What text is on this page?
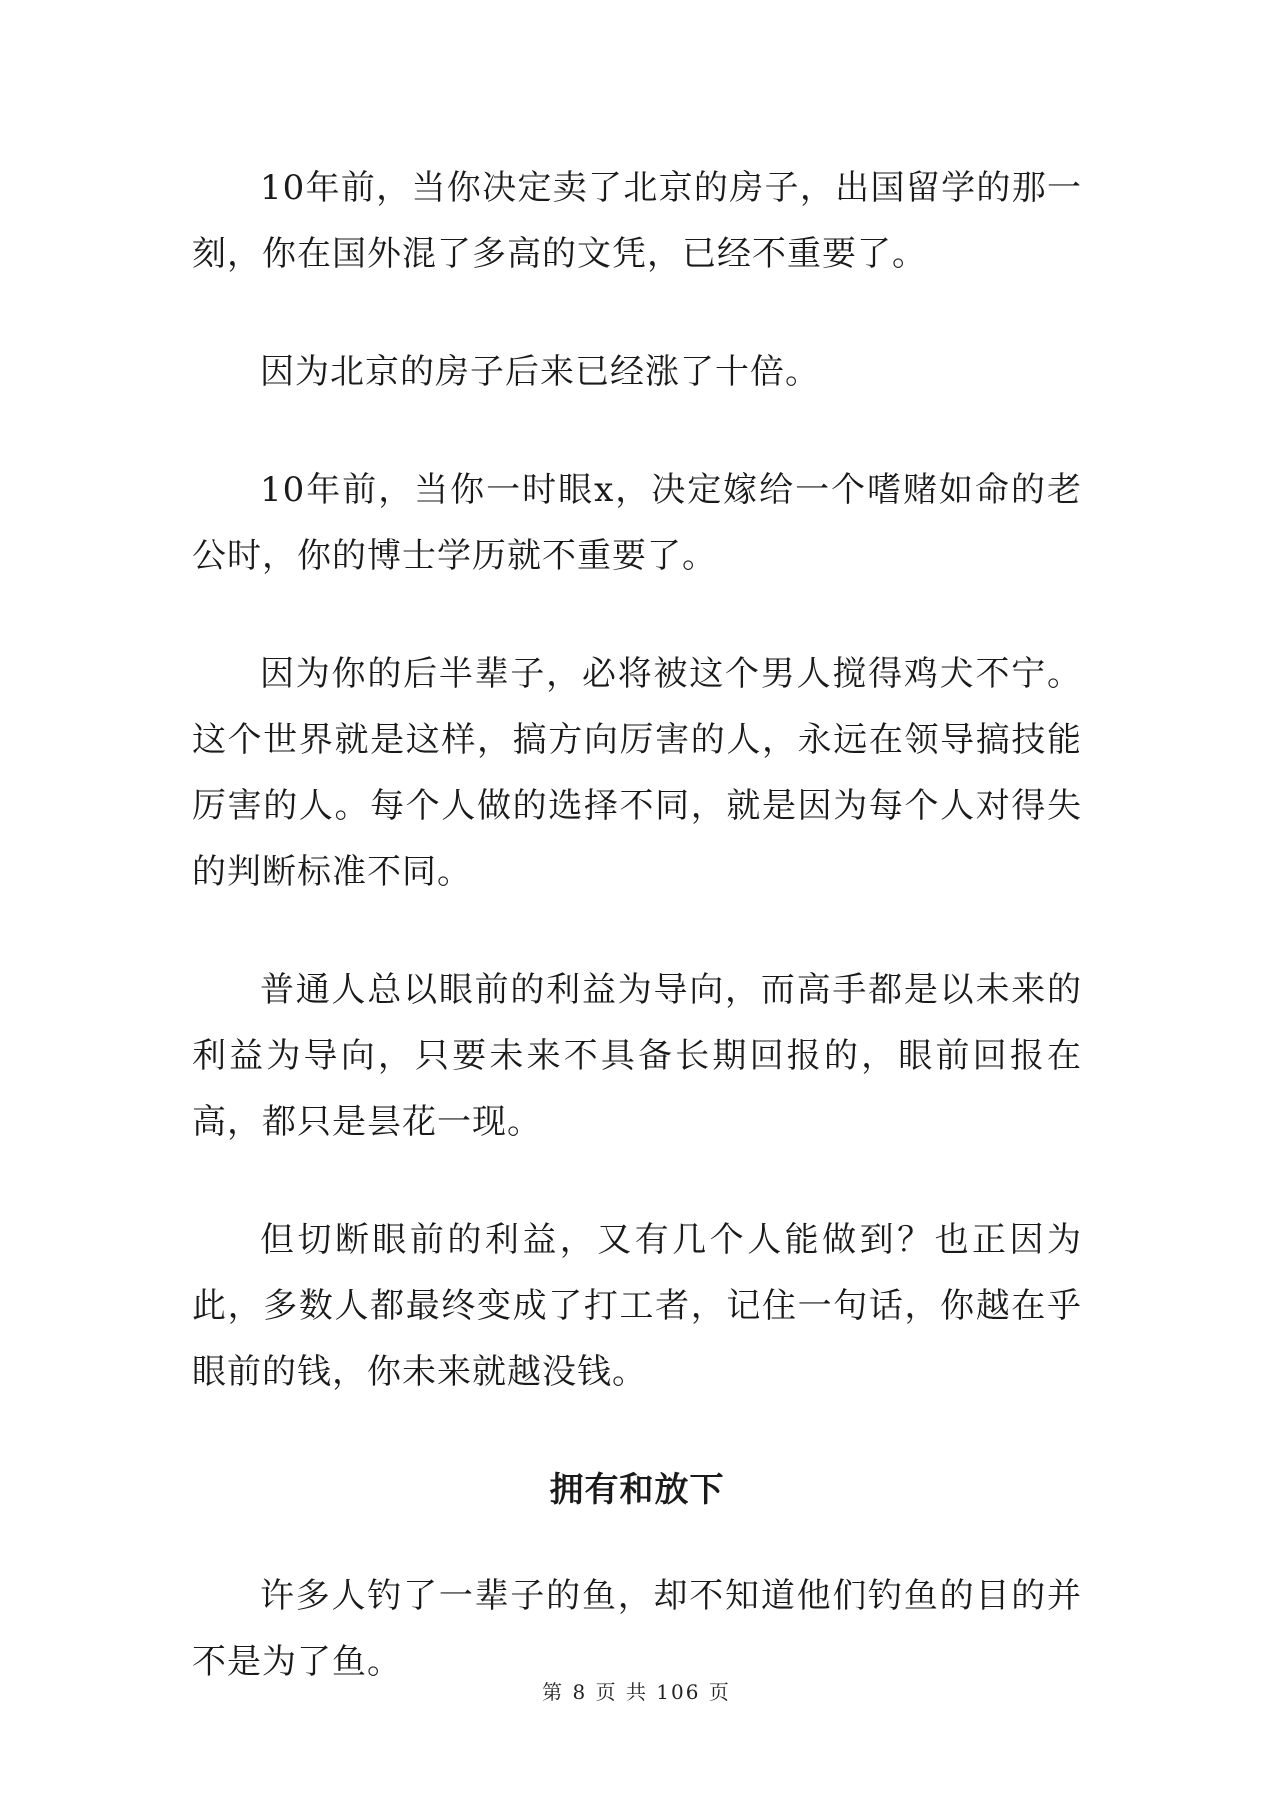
10年前，当你决定卖了北京的房子，出国留学的那一刻，你在国外混了多高的文凭，已经不重要了。

因为北京的房子后来已经涨了十倍。

10年前，当你一时眼x，决定嫁给一个嗜赌如命的老公时，你的博士学历就不重要了。

因为你的后半辈子，必将被这个男人搅得鸡犬不宁。这个世界就是这样，搞方向厉害的人，永远在领导搞技能厉害的人。每个人做的选择不同，就是因为每个人对得失的判断标准不同。

普通人总以眼前的利益为导向，而高手都是以未来的利益为导向，只要未来不具备长期回报的，眼前回报在高，都只是昙花一现。

但切断眼前的利益，又有几个人能做到？也正因为此，多数人都最终变成了打工者，记住一句话，你越在乎眼前的钱，你未来就越没钱。

拥有和放下

许多人钓了一辈子的鱼，却不知道他们钓鱼的目的并不是为了鱼。

第 8 页 共 106 页
